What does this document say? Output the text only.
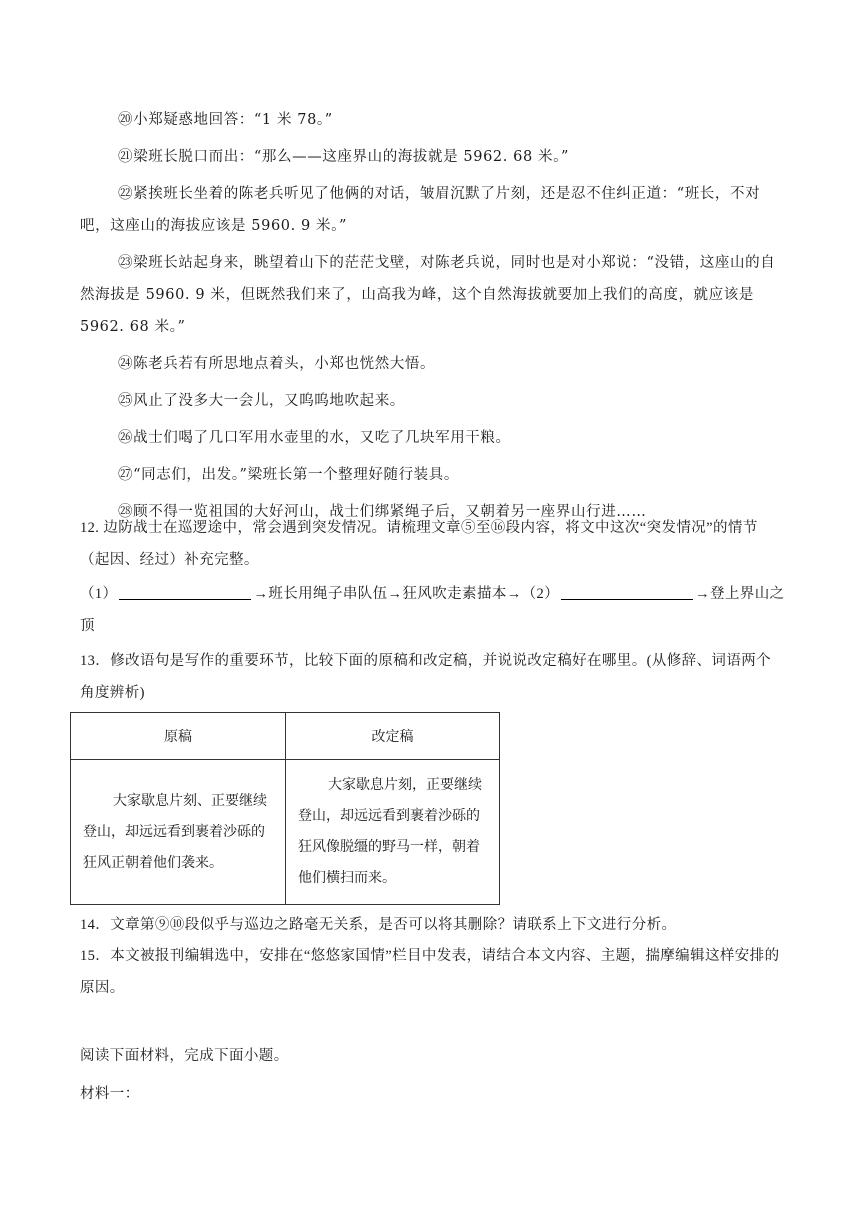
⑳小郑疑惑地回答：“1 米 78。”

㉑梁班长脱口而出：“那么——这座界山的海拔就是 5962. 68 米。”

㉒紧挨班长坐着的陈老兵听见了他俩的对话，皱眉沉默了片刻，还是忍不住纠正道：“班长，不对吧，这座山的海拔应该是 5960. 9 米。”

㉓梁班长站起身来，眺望着山下的茫茫戈壁，对陈老兵说，同时也是对小郑说：“没错，这座山的自然海拔是 5960. 9 米，但既然我们来了，山高我为峰，这个自然海拔就要加上我们的高度，就应该是 5962. 68 米。”

㉔陈老兵若有所思地点着头，小郑也恍然大悟。

㉕风止了没多大一会儿，又呜呜地吹起来。

㉖战士们喝了几口军用水壶里的水，又吃了几块军用干粮。

㉗“同志们，出发。”梁班长第一个整理好随行装具。

㉘顾不得一览祖国的大好河山，战士们绑紧绳子后，又朝着另一座界山行进……

12. 边防战士在巡逻途中，常会遇到突发情况。请梳理文章⑤至⑯段内容，将文中这次“突发情况”的情节（起因、经过）补充完整。

（1）	→班长用绳子串队伍→狂风吹走素描本→（2）	→登上界山之顶

13．修改语句是写作的重要环节，比较下面的原稿和改定稿，并说说改定稿好在哪里。(从修辞、词语两个角度辨析)

原稿	改定稿

大家歇息片刻、正要继续登山，却远远看到裹着沙砾的狂风正朝着他们袭来。	大家歇息片刻，正要继续登山，却远远看到裹着沙砾的狂风像脱缰的野马一样，朝着他们横扫而来。

14．文章第⑨⑩段似乎与巡边之路毫无关系，是否可以将其删除？请联系上下文进行分析。

15．本文被报刊编辑选中，安排在“悠悠家国情”栏目中发表，请结合本文内容、主题，揣摩编辑这样安排的原因。

阅读下面材料，完成下面小题。

材料一：
